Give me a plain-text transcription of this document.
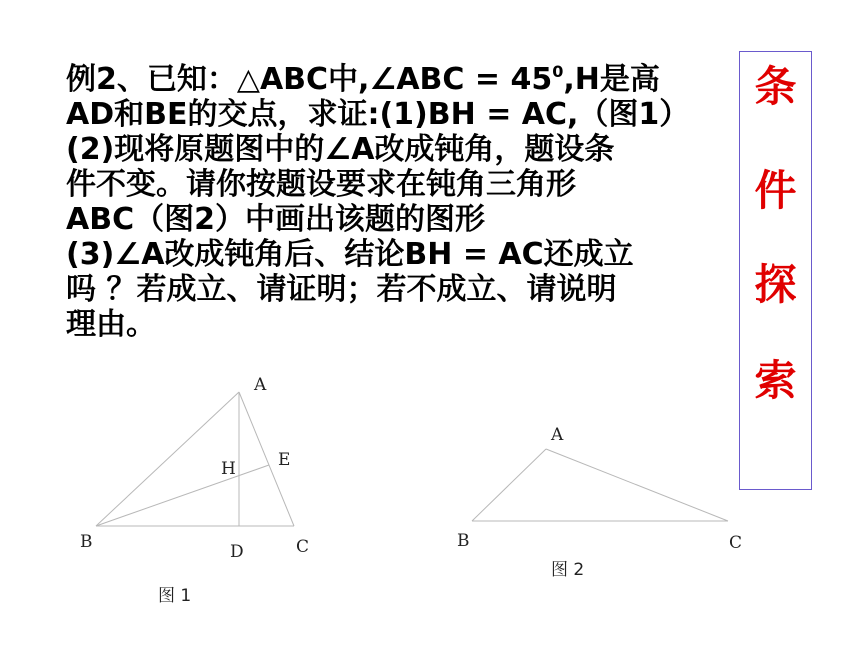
例2、已知：△ABC中,∠ABC = $45^0,H$是高
AD和BE的交点，求证:(1)BH = AC,（图1）
(2)现将原题图中的∠A改成钝角，题设条
件不变。请你按题设要求在钝角三角形
ABC（图2）中画出该题的图形
(3)∠A改成钝角后、结论BH = AC还成立
吗 ？若成立、请证明；若不成立、请说明
理由。
条
件
探
索
A
B	C
D
E
H
图 1
A
B	C
图 2
